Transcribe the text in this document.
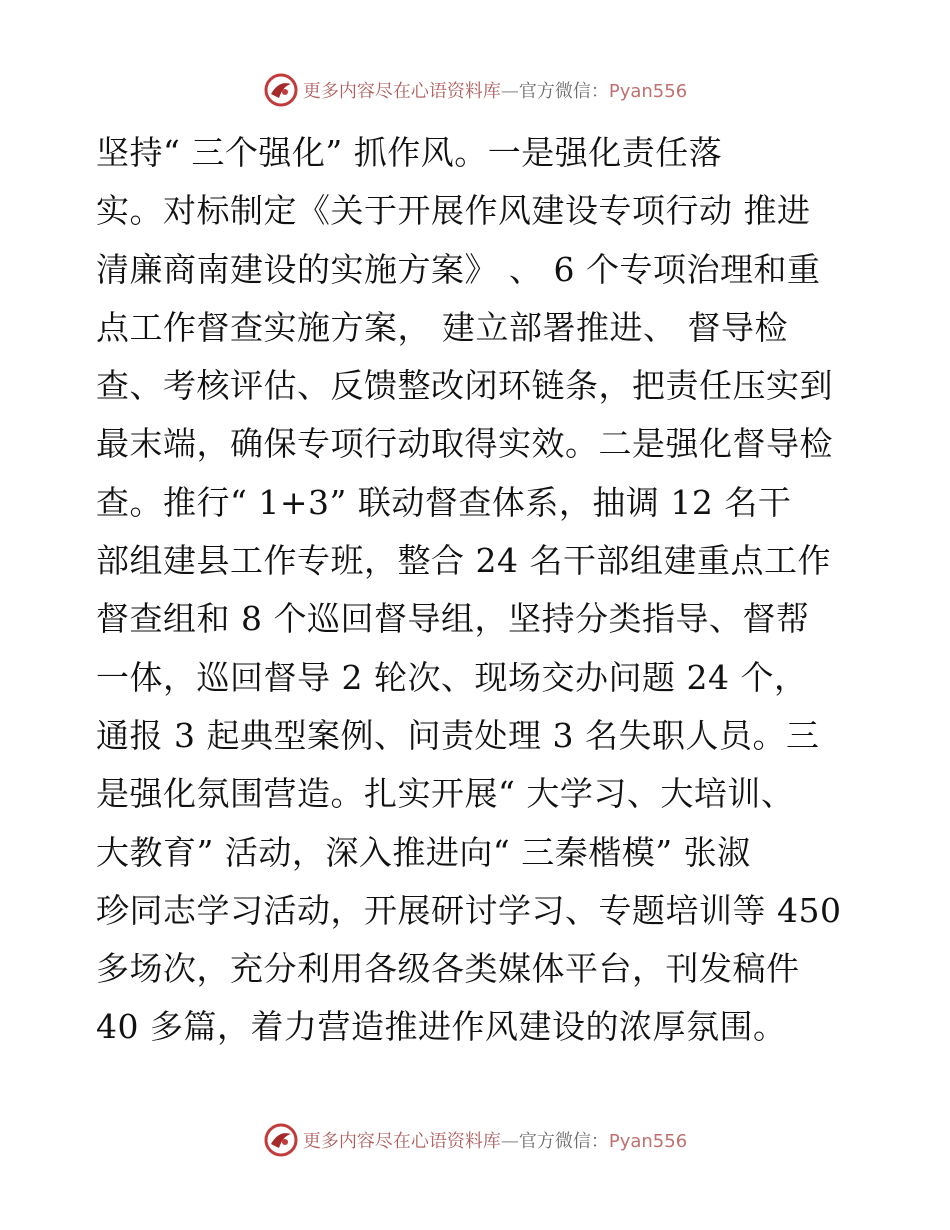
更多内容尽在心语资料库—官方微信：Pyan556
坚持“ 三个强化” 抓作风。一是强化责任落
实。对标制定《关于开展作风建设专项行动 推进
清廉商南建设的实施方案》 、 6 个专项治理和重
点工作督查实施方案， 建立部署推进、 督导检
查、考核评估、反馈整改闭环链条，把责任压实到
最末端，确保专项行动取得实效。二是强化督导检
查。推行“ 1+3” 联动督查体系，抽调 12 名干
部组建县工作专班，整合 24 名干部组建重点工作
督查组和 8 个巡回督导组，坚持分类指导、督帮
一体，巡回督导 2 轮次、现场交办问题 24 个，
通报 3 起典型案例、问责处理 3 名失职人员。三
是强化氛围营造。扎实开展“ 大学习、大培训、
大教育” 活动，深入推进向“ 三秦楷模” 张淑
珍同志学习活动，开展研讨学习、专题培训等 450
多场次，充分利用各级各类媒体平台，刊发稿件
40 多篇，着力营造推进作风建设的浓厚氛围。
更多内容尽在心语资料库—官方微信：Pyan556
